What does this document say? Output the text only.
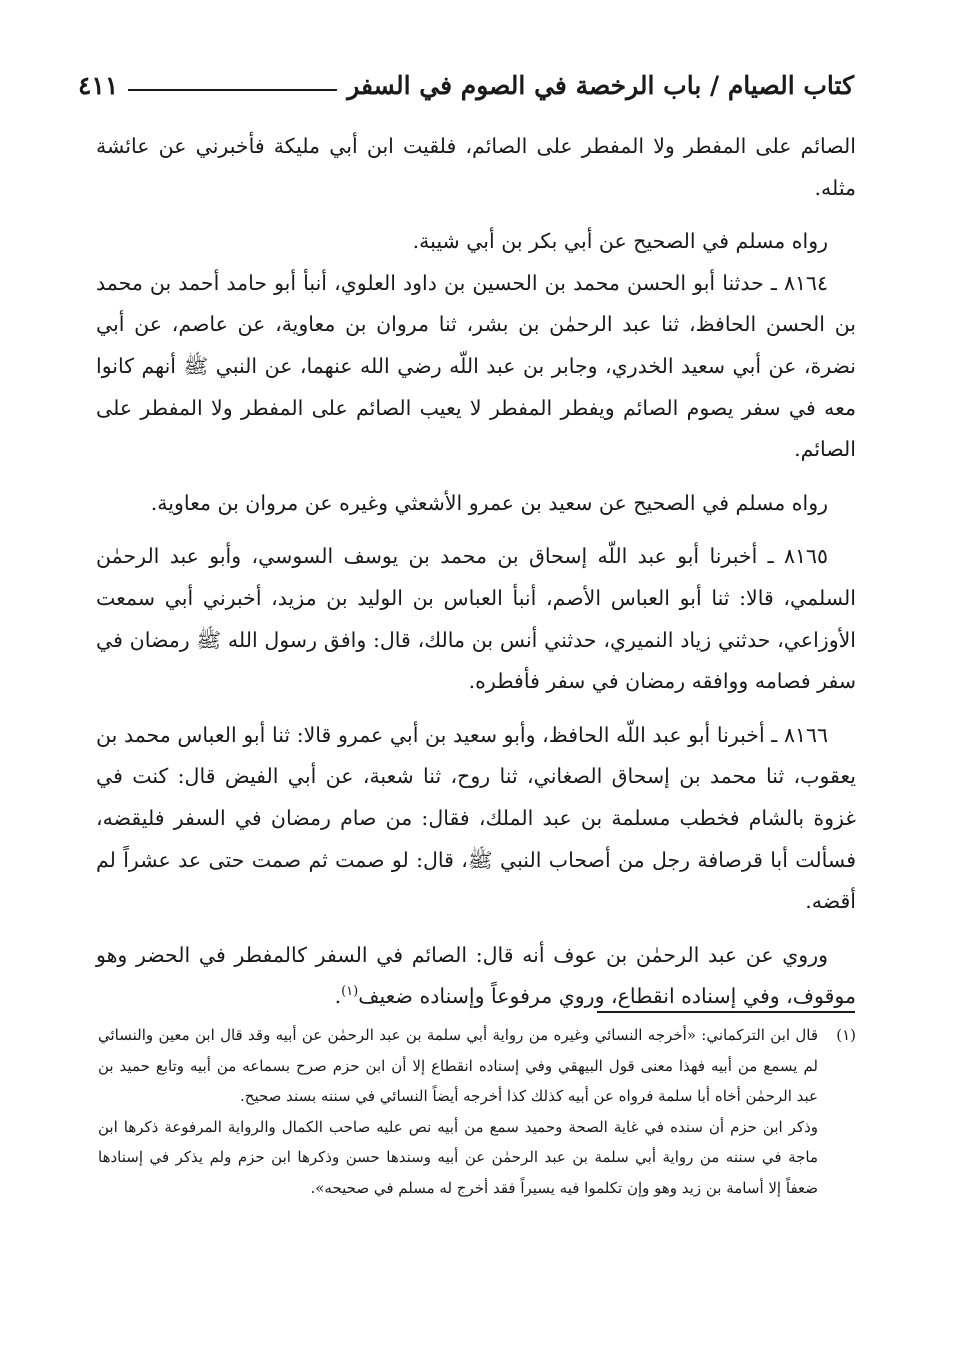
كتاب الصيام / باب الرخصة في الصوم في السفر
٤١١

الصائم على المفطر ولا المفطر على الصائم، فلقيت ابن أبي مليكة فأخبرني عن عائشة مثله.

رواه مسلم في الصحيح عن أبي بكر بن أبي شيبة.

٨١٦٤ ـ حدثنا أبو الحسن محمد بن الحسين بن داود العلوي، أنبأ أبو حامد أحمد بن محمد بن الحسن الحافظ، ثنا عبد الرحمٰن بن بشر، ثنا مروان بن معاوية، عن عاصم، عن أبي نضرة، عن أبي سعيد الخدري، وجابر بن عبد اللّه رضي الله عنهما، عن النبي ﷺ أنهم كانوا معه في سفر يصوم الصائم ويفطر المفطر لا يعيب الصائم على المفطر ولا المفطر على الصائم.

رواه مسلم في الصحيح عن سعيد بن عمرو الأشعثي وغيره عن مروان بن معاوية.

٨١٦٥ ـ أخبرنا أبو عبد اللّه إسحاق بن محمد بن يوسف السوسي، وأبو عبد الرحمٰن السلمي، قالا: ثنا أبو العباس الأصم، أنبأ العباس بن الوليد بن مزيد، أخبرني أبي سمعت الأوزاعي، حدثني زياد النميري، حدثني أنس بن مالك، قال: وافق رسول الله ﷺ رمضان في سفر فصامه ووافقه رمضان في سفر فأفطره.

٨١٦٦ ـ أخبرنا أبو عبد اللّه الحافظ، وأبو سعيد بن أبي عمرو قالا: ثنا أبو العباس محمد بن يعقوب، ثنا محمد بن إسحاق الصغاني، ثنا روح، ثنا شعبة، عن أبي الفيض قال: كنت في غزوة بالشام فخطب مسلمة بن عبد الملك، فقال: من صام رمضان في السفر فليقضه، فسألت أبا قرصافة رجل من أصحاب النبي ﷺ، قال: لو صمت ثم صمت حتى عد عشراً لم أقضه.

وروي عن عبد الرحمٰن بن عوف أنه قال: الصائم في السفر كالمفطر في الحضر وهو موقوف، وفي إسناده انقطاع، وروي مرفوعاً وإسناده ضعيف$^{(١)}$.

(١)
قال ابن التركماني: «أخرجه النسائي وغيره من رواية أبي سلمة بن عبد الرحمٰن عن أبيه وقد قال ابن معين والنسائي لم يسمع من أبيه فهذا معنى قول البيهقي وفي إسناده انقطاع إلا أن ابن حزم صرح بسماعه من أبيه وتابع حميد بن عبد الرحمٰن أخاه أبا سلمة فرواه عن أبيه كذلك كذا أخرجه أيضاً النسائي في سننه بسند صحيح.

وذكر ابن حزم أن سنده في غاية الصحة وحميد سمع من أبيه نص عليه صاحب الكمال والرواية المرفوعة ذكرها ابن ماجة في سننه من رواية أبي سلمة بن عبد الرحمٰن عن أبيه وسندها حسن وذكرها ابن حزم ولم يذكر في إسنادها ضعفاً إلا أسامة بن زيد وهو وإن تكلموا فيه يسيراً فقد أخرج له مسلم في صحيحه».
